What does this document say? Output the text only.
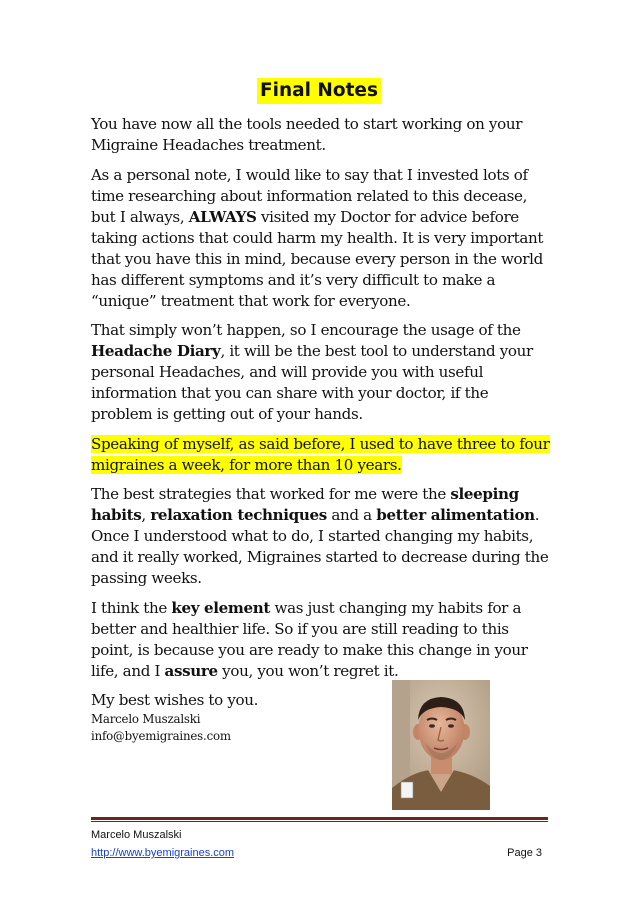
Final Notes

You have now all the tools needed to start working on your Migraine Headaches treatment.

As a personal note, I would like to say that I invested lots of time researching about information related to this decease, but I always, ALWAYS visited my Doctor for advice before taking actions that could harm my health. It is very important that you have this in mind, because every person in the world has different symptoms and it’s very difficult to make a “unique” treatment that work for everyone.

That simply won’t happen, so I encourage the usage of the Headache Diary, it will be the best tool to understand your personal Headaches, and will provide you with useful information that you can share with your doctor, if the problem is getting out of your hands.

Speaking of myself, as said before, I used to have three to four migraines a week, for more than 10 years.

The best strategies that worked for me were the sleeping habits, relaxation techniques and a better alimentation. Once I understood what to do, I started changing my habits, and it really worked, Migraines started to decrease during the passing weeks.

I think the key element was just changing my habits for a better and healthier life. So if you are still reading to this point, is because you are ready to make this change in your life, and I assure you, you won’t regret it.

My best wishes to you.

Marcelo Muszalski
info@byemigraines.com
Marcelo Muszalski
http://www.byemigraines.com	Page 3
